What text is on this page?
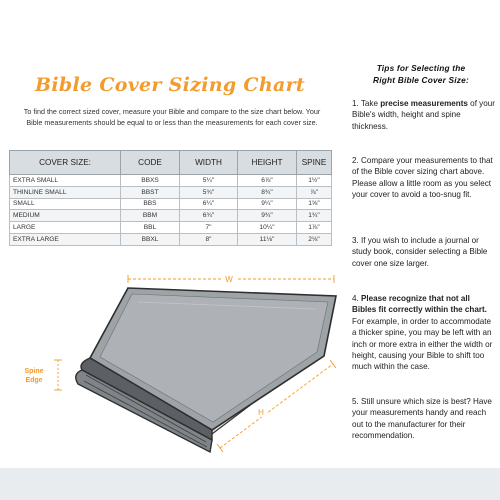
Bible Cover Sizing Chart
To find the correct sized cover, measure your Bible and compare to the size chart below. Your Bible measurements should be equal to or less than the measurements for each cover size.
COVER SIZE:	CODE	WIDTH	HEIGHT	SPINE
EXTRA SMALL	BBXS	5¼"	6⅞"	1½"
THINLINE SMALL	BBST	5¾"	8¾"	⅞"
SMALL	BBS	6¼"	9¼"	1⅝"
MEDIUM	BBM	6¾"	9¾"	1¾"
LARGE	BBL	7"	10¼"	1⅞"
EXTRA LARGE	BBXL	8"	11⅛"	2⅛"
W
H
Spine
Edge
Tips for Selecting the
Right Bible Cover Size:
1. Take precise measurements of your Bible's width, height and spine thickness.
2. Compare your measurements to that of the Bible cover sizing chart above. Please allow a little room as you select your cover to avoid a too-snug fit.
3. If you wish to include a journal or study book, consider selecting a Bible cover one size larger.
4. Please recognize that not all Bibles fit correctly within the chart. For example, in order to accommodate a thicker spine, you may be left with an inch or more extra in either the width or height, causing your Bible to shift too much within the case.
5. Still unsure which size is best? Have your measurements handy and reach out to the manufacturer for their recommendation.
